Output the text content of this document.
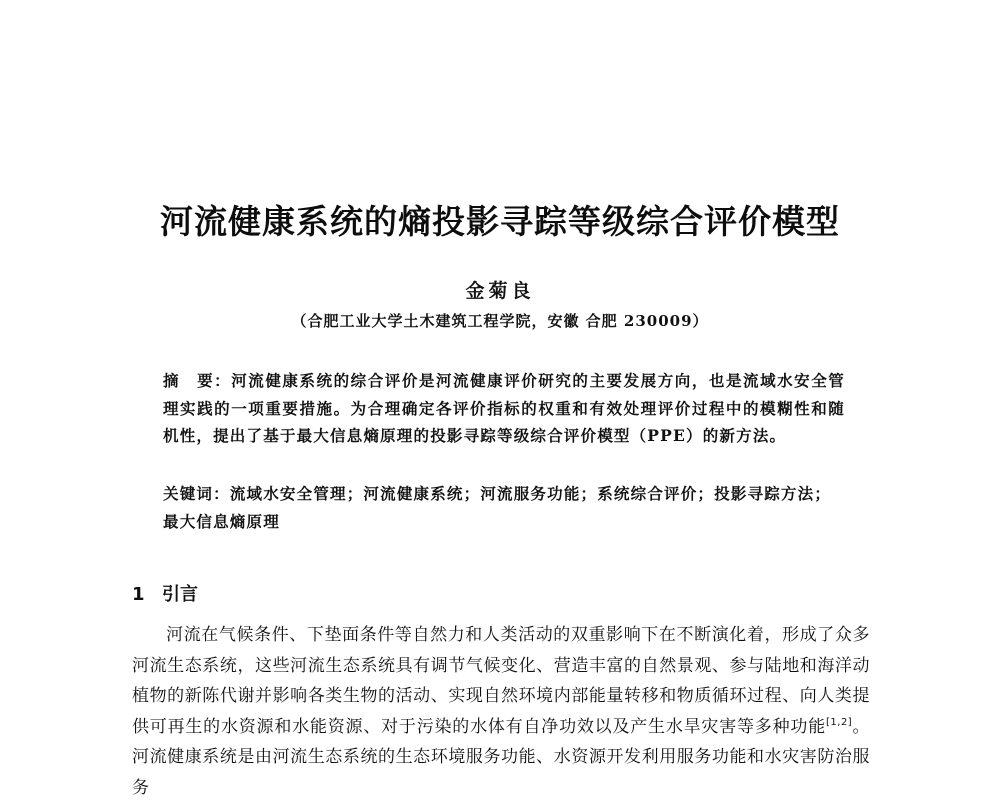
河流健康系统的熵投影寻踪等级综合评价模型
金菊良
（合肥工业大学土木建筑工程学院，安徽 合肥 230009）
摘　要：河流健康系统的综合评价是河流健康评价研究的主要发展方向，也是流域水安全管理实践的一项重要措施。为合理确定各评价指标的权重和有效处理评价过程中的模糊性和随机性，提出了基于最大信息熵原理的投影寻踪等级综合评价模型（PPE）的新方法。
关键词：流域水安全管理；河流健康系统；河流服务功能；系统综合评价；投影寻踪方法；最大信息熵原理
1 引言
河流在气候条件、下垫面条件等自然力和人类活动的双重影响下在不断演化着，形成了众多河流生态系统，这些河流生态系统具有调节气候变化、营造丰富的自然景观、参与陆地和海洋动植物的新陈代谢并影响各类生物的活动、实现自然环境内部能量转移和物质循环过程、向人类提供可再生的水资源和水能资源、对于污染的水体有自净功效以及产生水旱灾害等多种功能[1,2]。河流健康系统是由河流生态系统的生态环境服务功能、水资源开发利用服务功能和水灾害防治服务
